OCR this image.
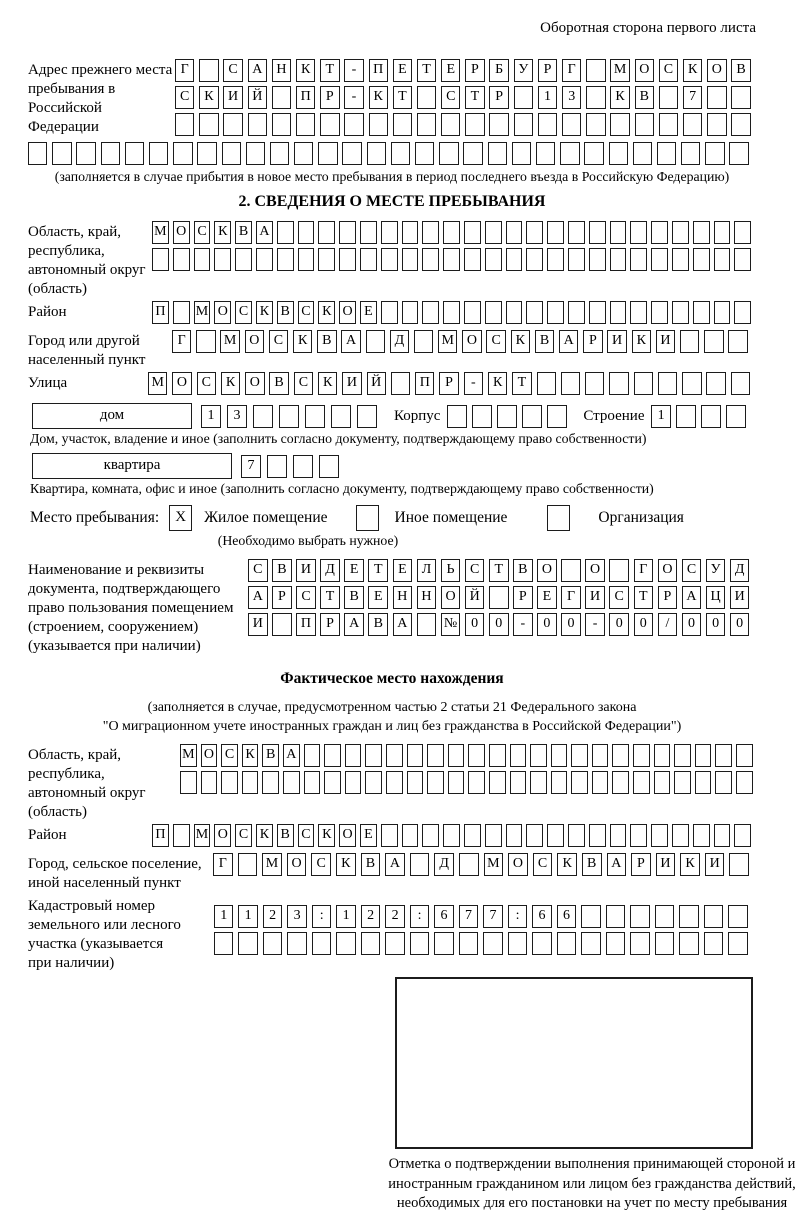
Оборотная сторона первого листа
Адрес прежнего места пребывания в Российской Федерации
Г	С А Н К Т - П Е Т Е Р Б У Р Г	М О С К О В
С К И Й	П Р - К Т	С Т Р	1 3	К В	7

(заполняется в случае прибытия в новое место пребывания в период последнего въезда в Российскую Федерацию)
2. СВЕДЕНИЯ О МЕСТЕ ПРЕБЫВАНИЯ
Область, край, республика, автономный округ (область)
М О С К В А

Район	П М О С К В С К О Е
Город или другой населенный пункт
Г	М О С К В А	Д	М О С К В А Р И К И
Улица	М О С К О В С К И Й	П Р - К Т
дом	1 3	Корпус
	Строение 1
Дом, участок, владение и иное (заполнить согласно документу, подтверждающему право собственности)
квартира	7
Квартира, комната, офис и иное (заполнить согласно документу, подтверждающему право собственности)
Место пребывания:	X	Жилое помещение	Иное помещение	Организация
(Необходимо выбрать нужное)
Наименование и реквизиты документа, подтверждающего право пользования помещением (строением, сооружением) (указывается при наличии)
С В И Д Е Т Е Л Ь С Т В О	О	Г О С У Д
А Р С Т В Е Н Н О Й	Р Е Г И С Т Р А Ц И
И	П Р А В А	№ 0 0 - 0 0 - 0 0 / 0 0 0
Фактическое место нахождения
(заполняется в случае, предусмотренном частью 2 статьи 21 Федерального закона
"О миграционном учете иностранных граждан и лиц без гражданства в Российской Федерации")
Область, край, республика, автономный округ (область)
М О С К В А

Район	П М О С К В С К О Е
Город, сельское поселение, иной населенный пункт
Г	М О С К В А	Д	М О С К В А Р И К И
Кадастровый номер земельного или лесного участка (указывается при наличии)
1 1 2 3 : 1 2 2 : 6 7 7 : 6 6

Отметка о подтверждении выполнения принимающей стороной и иностранным гражданином или лицом без гражданства действий, необходимых для его постановки на учет по месту пребывания
